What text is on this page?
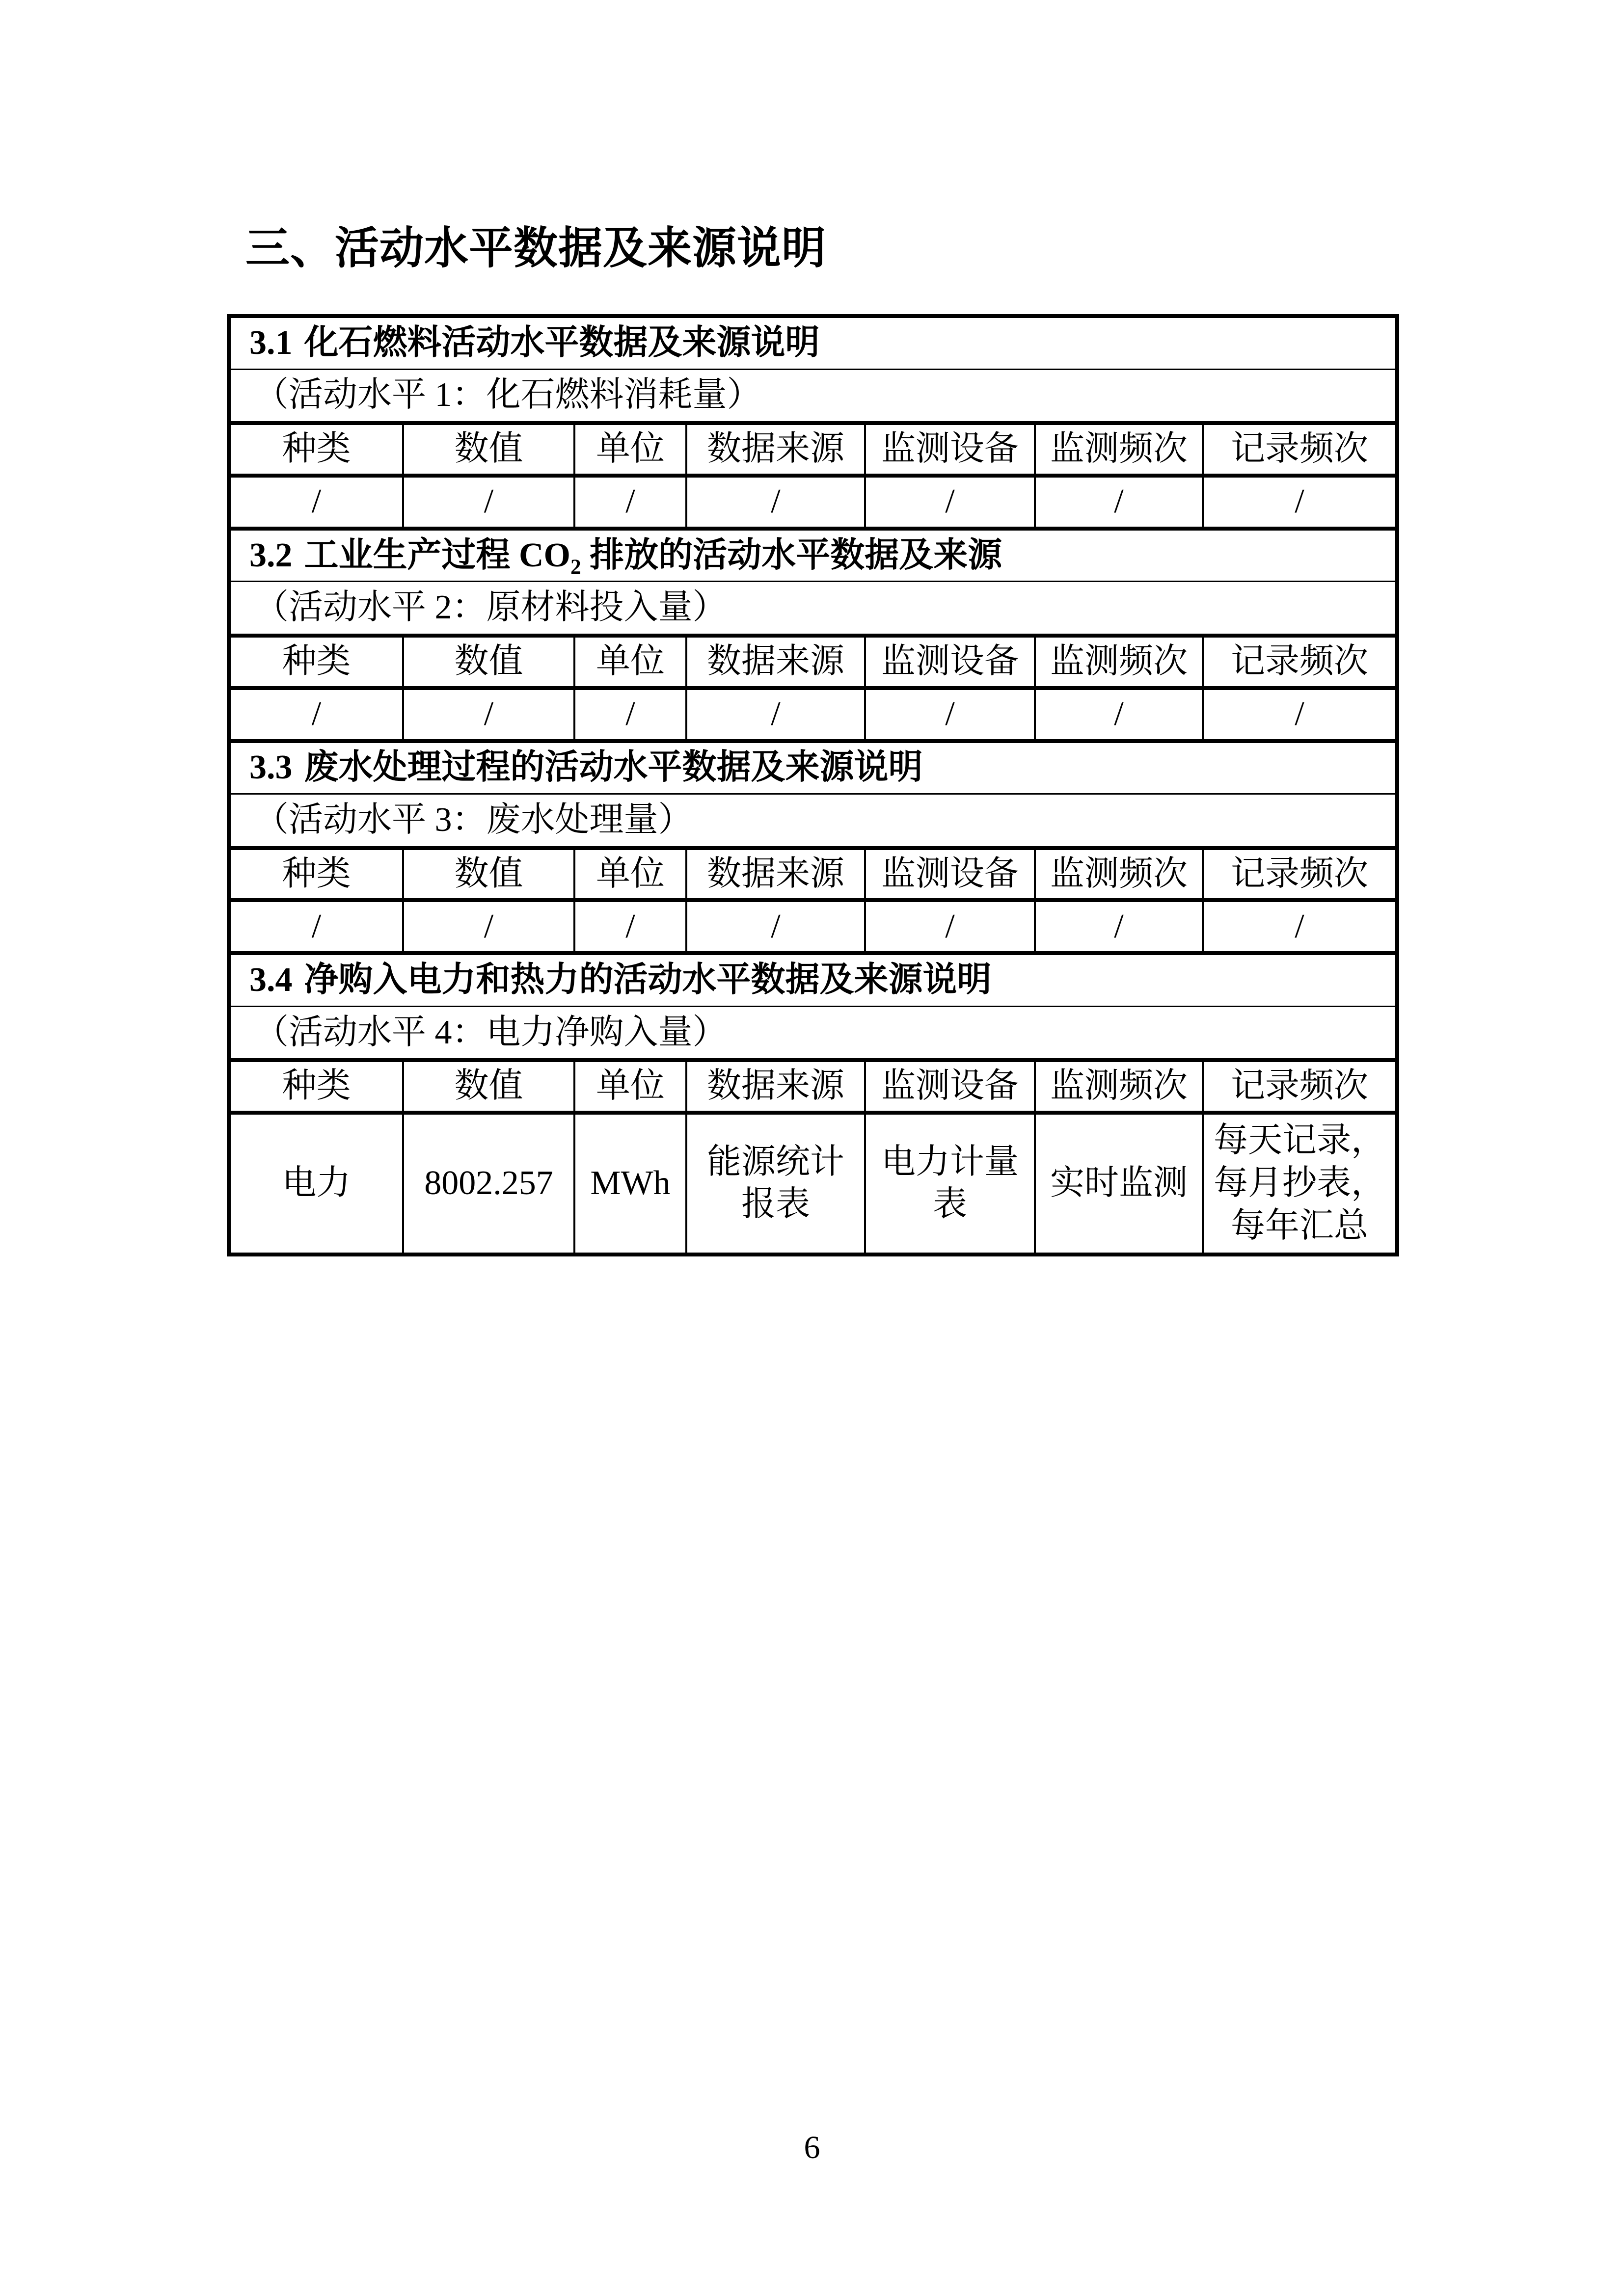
三、活动水平数据及来源说明
3.1 化石燃料活动水平数据及来源说明						
（活动水平 1：化石燃料消耗量）						
种类	数值	单位	数据来源	监测设备	监测频次	记录频次
/	/	/	/	/	/	/
3.2 工业生产过程 $CO_2$ 排放的活动水平数据及来源						
（活动水平 2：原材料投入量）						
种类	数值	单位	数据来源	监测设备	监测频次	记录频次
/	/	/	/	/	/	/
3.3 废水处理过程的活动水平数据及来源说明						
（活动水平 3：废水处理量）						
种类	数值	单位	数据来源	监测设备	监测频次	记录频次
/	/	/	/	/	/	/
3.4 净购入电力和热力的活动水平数据及来源说明						
（活动水平 4：电力净购入量）						
种类	数值	单位	数据来源	监测设备	监测频次	记录频次
电力	8002.257	MWh	能源统计报表	电力计量表	实时监测	每天记录，每月抄表，每年汇总
6
